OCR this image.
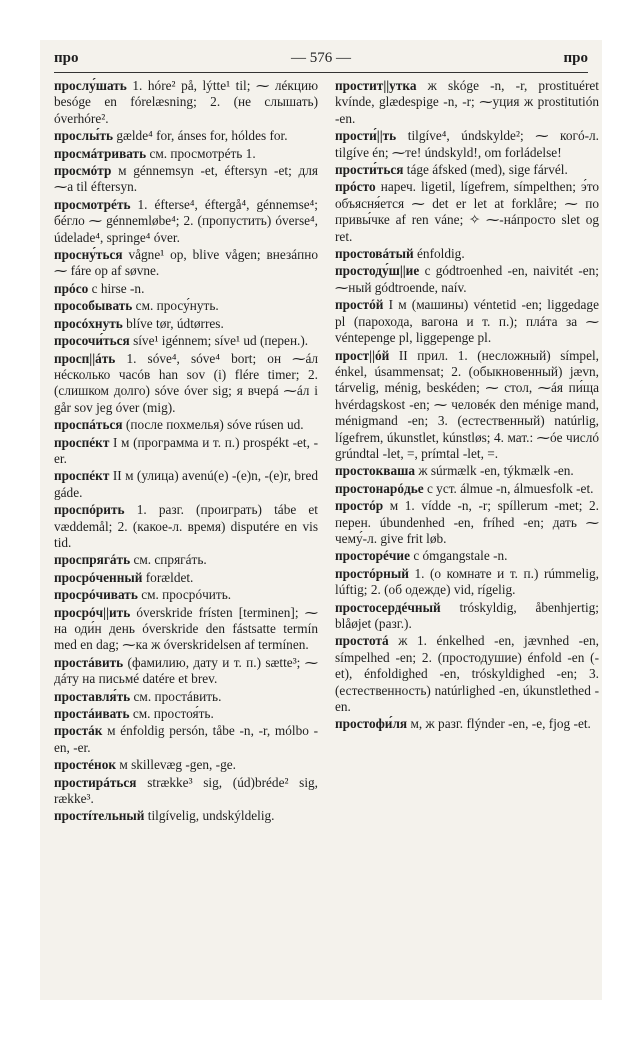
про	— 576 —	про
прослу́шать 1. hóre² på, lýtte¹ til; ⁓ лéкцию besóge en fórelæsning; 2. (не слышать) óverhóre².
прослы́ть gælde⁴ for, ánses for, hóldes for.
просмáтривать см. просмотрéть 1.
просмóтр м génnemsyn -et, éftersyn -et; для ⁓а til éftersyn.
просмотрéть 1. éfterse⁴, éftergå⁴, génnemse⁴; бéгло ⁓ génnemløbe⁴; 2. (пропустить) óverse⁴, údelade⁴, springe⁴ óver.
просну́ться vågne¹ op, blive vågen; внезáпно ⁓ fáre op af søvne.
прóсо с hirse -n.
прособывать см. просу́нуть.
просóхнуть blíve tør, údtørres.
просочи́ться síve¹ igénnem; síve¹ ud (перен.).
просп||áть 1. sóve⁴, sóve⁴ bort; он ⁓áл нéсколько часóв han sov (i) flére timer; 2. (слишком долго) sóve óver sig; я вчерá ⁓áл i går sov jeg óver (mig).
проспáться (после похмелья) sóve rúsen ud.
проспéкт I м (программа и т. п.) prospékt -et, -er.
проспéкт II м (улица) avenú(e) -(e)n, -(e)r, bred gáde.
проспóрить 1. разг. (проиграть) tábe et væddemål; 2. (какое-л. время) disputére en vis tid.
проспрягáть см. спрягáть.
просрóченный forældet.
просрóчивать см. просрóчить.
просрóч||ить óverskride frísten [terminen]; ⁓ на оди́н день óverskride den fástsatte termín med en dag; ⁓ка ж óverskridelsen af termínen.
простáвить (фамилию, дату и т. п.) sætte³; ⁓ дáту на письмé datére et brev.
проставля́ть см. простáвить.
простáивать см. простоя́ть.
простáк м énfoldig persón, tåbe -n, -r, mólbo -en, -er.
простéнок м skillevæg -gen, -ge.
простирáться strække³ sig, (úd)bréde² sig, række³.
простíтельный tilgívelig, undskýldelig.
простит||утка ж skóge -n, -r, prostituéret kvínde, glædespige -n, -r; ⁓уция ж prostitutión -en.
прости́||ть tilgíve⁴, úndskylde²; ⁓ когó-л. tilgíve én; ⁓те! úndskyld!, om forládelse!
прости́ться táge áfsked (med), sige fárvél.
прóсто нареч. ligetil, lígefrem, símpelthen; э́то объясня́ется ⁓ det er let at forklåre; ⁓ по привы́чке af ren váne; ✧ ⁓-нáпросто slet og ret.
простовáтый énfoldig.
простоду́ш||ие с gódtroenhed -en, naivitét -en; ⁓ный gódtroende, naív.
простóй I м (машины) véntetid -en; liggedage pl (парохода, вагона и т. п.); плáта за ⁓ véntepenge pl, liggepenge pl.
прост||óй II прил. 1. (несложный) símpel, énkel, úsammensat; 2. (обыкновенный) jævn, tárvelig, ménig, beskéden; ⁓ стол, ⁓áя пи́ща hvérdagskost -en; ⁓ человéк den ménige mand, ménigmand -en; 3. (естественный) natúrlig, lígefrem, úkunstlet, kúnstløs; 4. мат.: ⁓óе числó grúndtal -let, =, prímtal -let, =.
простокваша ж súrmælk -en, týkmælk -en.
простонарóдье с уст. álmue -n, álmuesfolk -et.
простóр м 1. vídde -n, -r; spíllerum -met; 2. перен. úbundenhed -en, fríhed -en; дать ⁓ чему́-л. give frit løb.
просторéчие с ómgangstale -n.
простóрный 1. (о комнате и т. п.) rúmmelig, lúftig; 2. (об одежде) vid, rígelig.
простосердéчный tróskyldig, åbenhjertig; blåøjet (разг.).
простотá ж 1. énkelhed -en, jævnhed -en, símpelhed -en; 2. (простодушие) énfold -en (-et), énfoldighed -en, tróskyldighed -en; 3. (естественность) natúrlighed -en, úkunstlethed -en.
простофи́ля м, ж разг. flýnder -en, -e, fjog -et.
